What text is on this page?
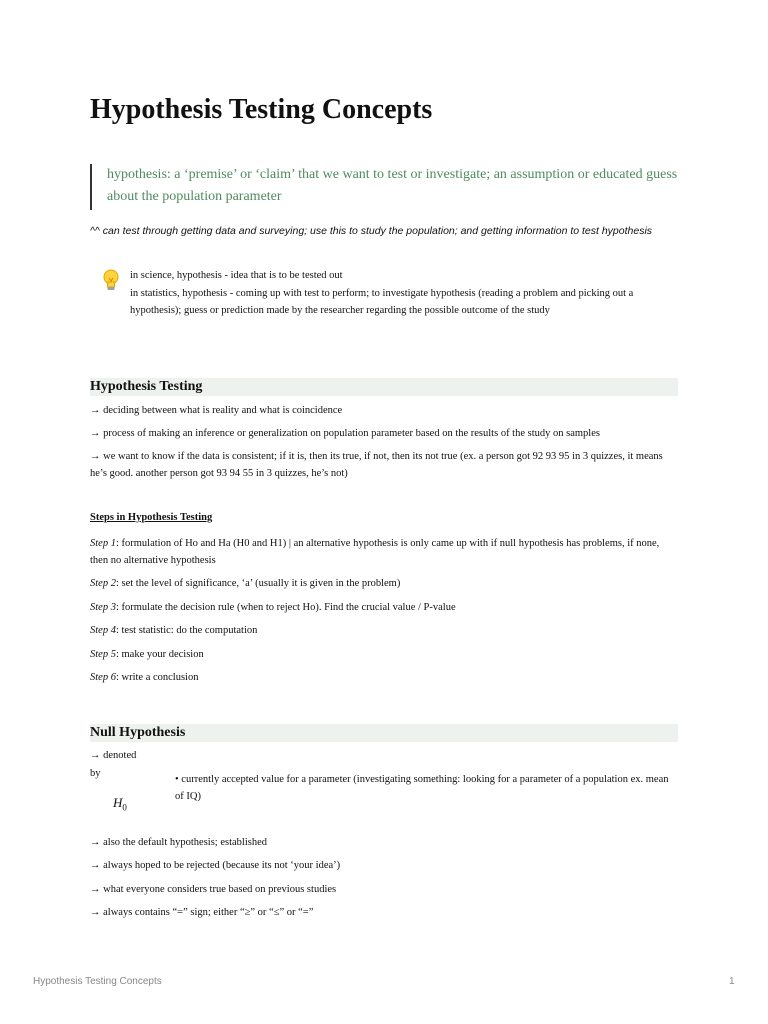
Hypothesis Testing Concepts
hypothesis: a ‘premise’ or ‘claim’ that we want to test or investigate; an assumption or educated guess about the population parameter
^^ can test through getting data and surveying; use this to study the population; and getting information to test hypothesis
in science, hypothesis - idea that is to be tested out
in statistics, hypothesis - coming up with test to perform; to investigate hypothesis (reading a problem and picking out a hypothesis); guess or prediction made by the researcher regarding the possible outcome of the study
Hypothesis Testing
→ deciding between what is reality and what is coincidence
→ process of making an inference or generalization on population parameter based on the results of the study on samples
→ we want to know if the data is consistent; if it is, then its true, if not, then its not true (ex. a person got 92 93 95 in 3 quizzes, it means he’s good. another person got 93 94 55 in 3 quizzes, he’s not)
Steps in Hypothesis Testing
Step 1: formulation of Ho and Ha (H0 and H1) | an alternative hypothesis is only came up with if null hypothesis has problems, if none, then no alternative hypothesis
Step 2: set the level of significance, ‘a’ (usually it is given in the problem)
Step 3: formulate the decision rule (when to reject Ho). Find the crucial value / P-value
Step 4: test statistic: do the computation
Step 5: make your decision
Step 6: write a conclusion
Null Hypothesis
→ denoted
by
$H_0$
• currently accepted value for a parameter (investigating something: looking for a parameter of a population ex. mean of IQ)
→ also the default hypothesis; established
→ always hoped to be rejected (because its not ‘your idea’)
→ what everyone considers true based on previous studies
→ always contains “=” sign; either “≥” or “≤” or “=”
Hypothesis Testing Concepts	1
